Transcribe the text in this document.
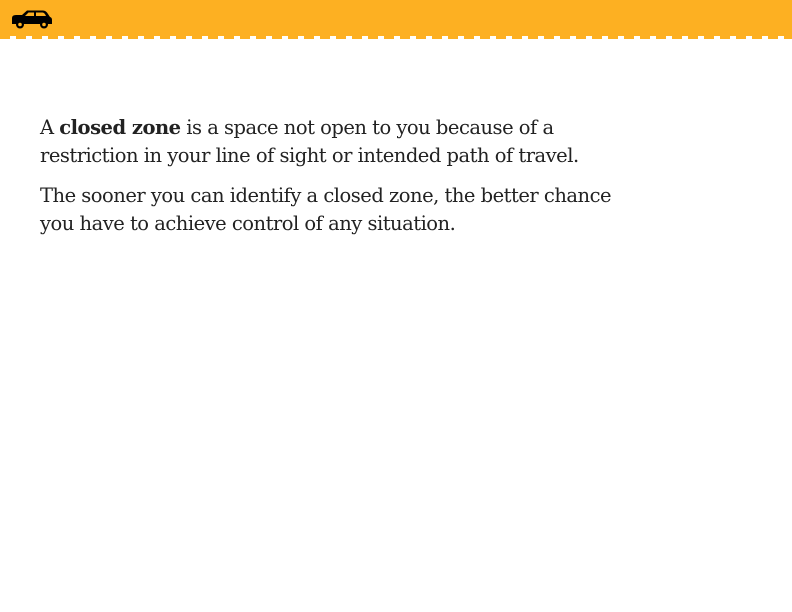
A closed zone is a space not open to you because of a
restriction in your line of sight or intended path of travel.

The sooner you can identify a closed zone, the better chance
you have to achieve control of any situation.
